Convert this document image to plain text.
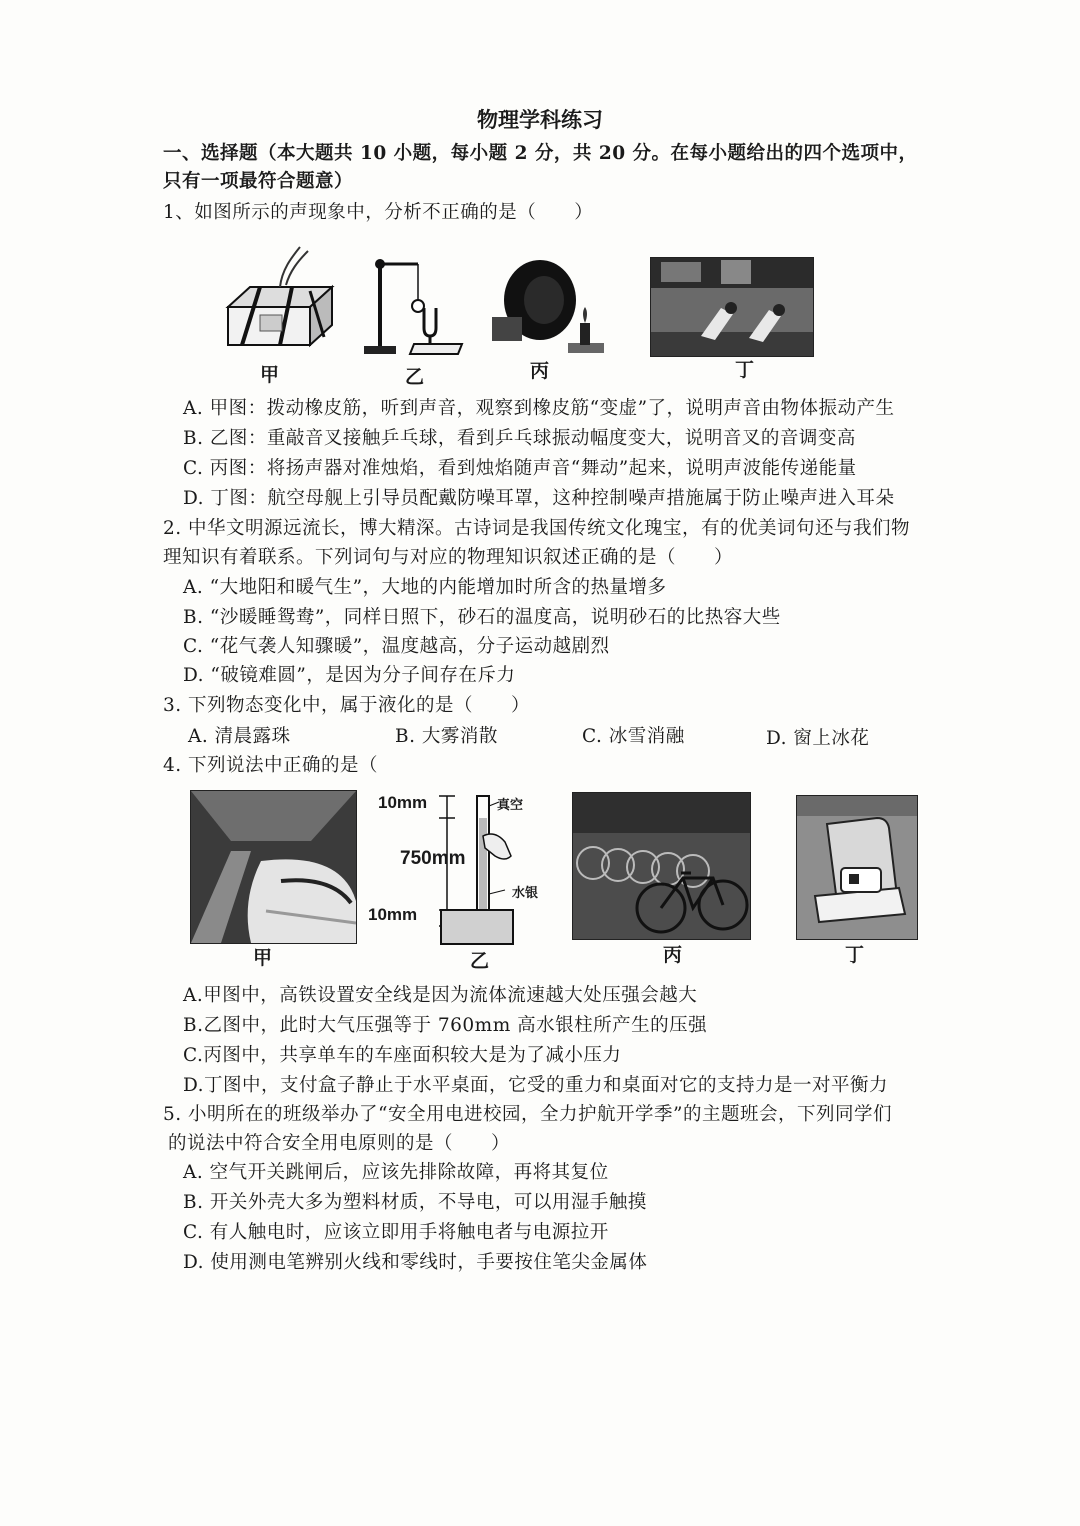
物理学科练习
一、选择题（本大题共 10 小题，每小题 2 分，共 20 分。在每小题给出的四个选项中，
只有一项最符合题意）
1、如图所示的声现象中，分析不正确的是（　　）
甲	乙	丙	丁
A. 甲图：拨动橡皮筋，听到声音，观察到橡皮筋“变虚”了，说明声音由物体振动产生
B. 乙图：重敲音叉接触乒乓球，看到乒乓球振动幅度变大，说明音叉的音调变高
C. 丙图：将扬声器对准烛焰，看到烛焰随声音“舞动”起来，说明声波能传递能量
D. 丁图：航空母舰上引导员配戴防噪耳罩，这种控制噪声措施属于防止噪声进入耳朵
2. 中华文明源远流长，博大精深。古诗词是我国传统文化瑰宝，有的优美词句还与我们物
理知识有着联系。下列词句与对应的物理知识叙述正确的是（　　）
A. “大地阳和暖气生”，大地的内能增加时所含的热量增多
B. “沙暖睡鸳鸯”，同样日照下，砂石的温度高，说明砂石的比热容大些
C. “花气袭人知骤暖”，温度越高，分子运动越剧烈
D. “破镜难圆”，是因为分子间存在斥力
3. 下列物态变化中，属于液化的是（　　）
A. 清晨露珠	B. 大雾消散	C. 冰雪消融	D. 窗上冰花
4. 下列说法中正确的是（
甲
10mm	真空
750mm
水银
10mm
乙	丙	丁
A.甲图中，高铁设置安全线是因为流体流速越大处压强会越大
B.乙图中，此时大气压强等于 760mm 高水银柱所产生的压强
C.丙图中，共享单车的车座面积较大是为了减小压力
D.丁图中，支付盒子静止于水平桌面，它受的重力和桌面对它的支持力是一对平衡力
5. 小明所在的班级举办了“安全用电进校园，全力护航开学季”的主题班会，下列同学们
的说法中符合安全用电原则的是（　　）
A. 空气开关跳闸后，应该先排除故障，再将其复位
B. 开关外壳大多为塑料材质，不导电，可以用湿手触摸
C. 有人触电时，应该立即用手将触电者与电源拉开
D. 使用测电笔辨别火线和零线时，手要按住笔尖金属体
